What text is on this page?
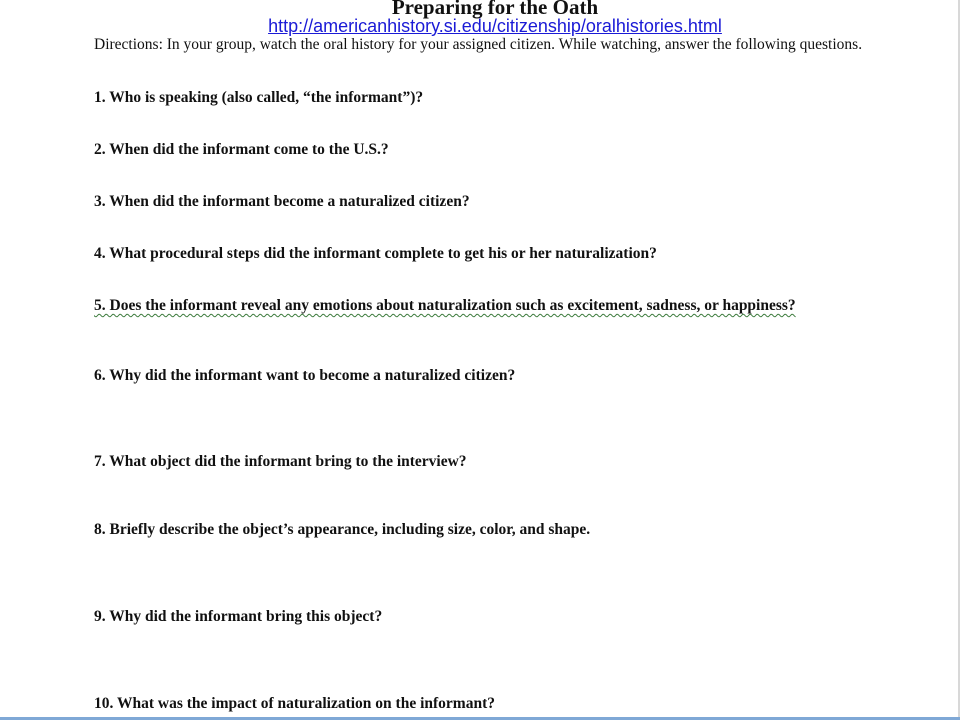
Preparing for the Oath
http://americanhistory.si.edu/citizenship/oralhistories.html
Directions: In your group, watch the oral history for your assigned citizen. While watching, answer the following questions.
1. Who is speaking (also called, “the informant”)?
2. When did the informant come to the U.S.?
3. When did the informant become a naturalized citizen?
4. What procedural steps did the informant complete to get his or her naturalization?
5. Does the informant reveal any emotions about naturalization such as excitement, sadness, or happiness?
6. Why did the informant want to become a naturalized citizen?
7. What object did the informant bring to the interview?
8. Briefly describe the object’s appearance, including size, color, and shape.
9. Why did the informant bring this object?
10. What was the impact of naturalization on the informant?
